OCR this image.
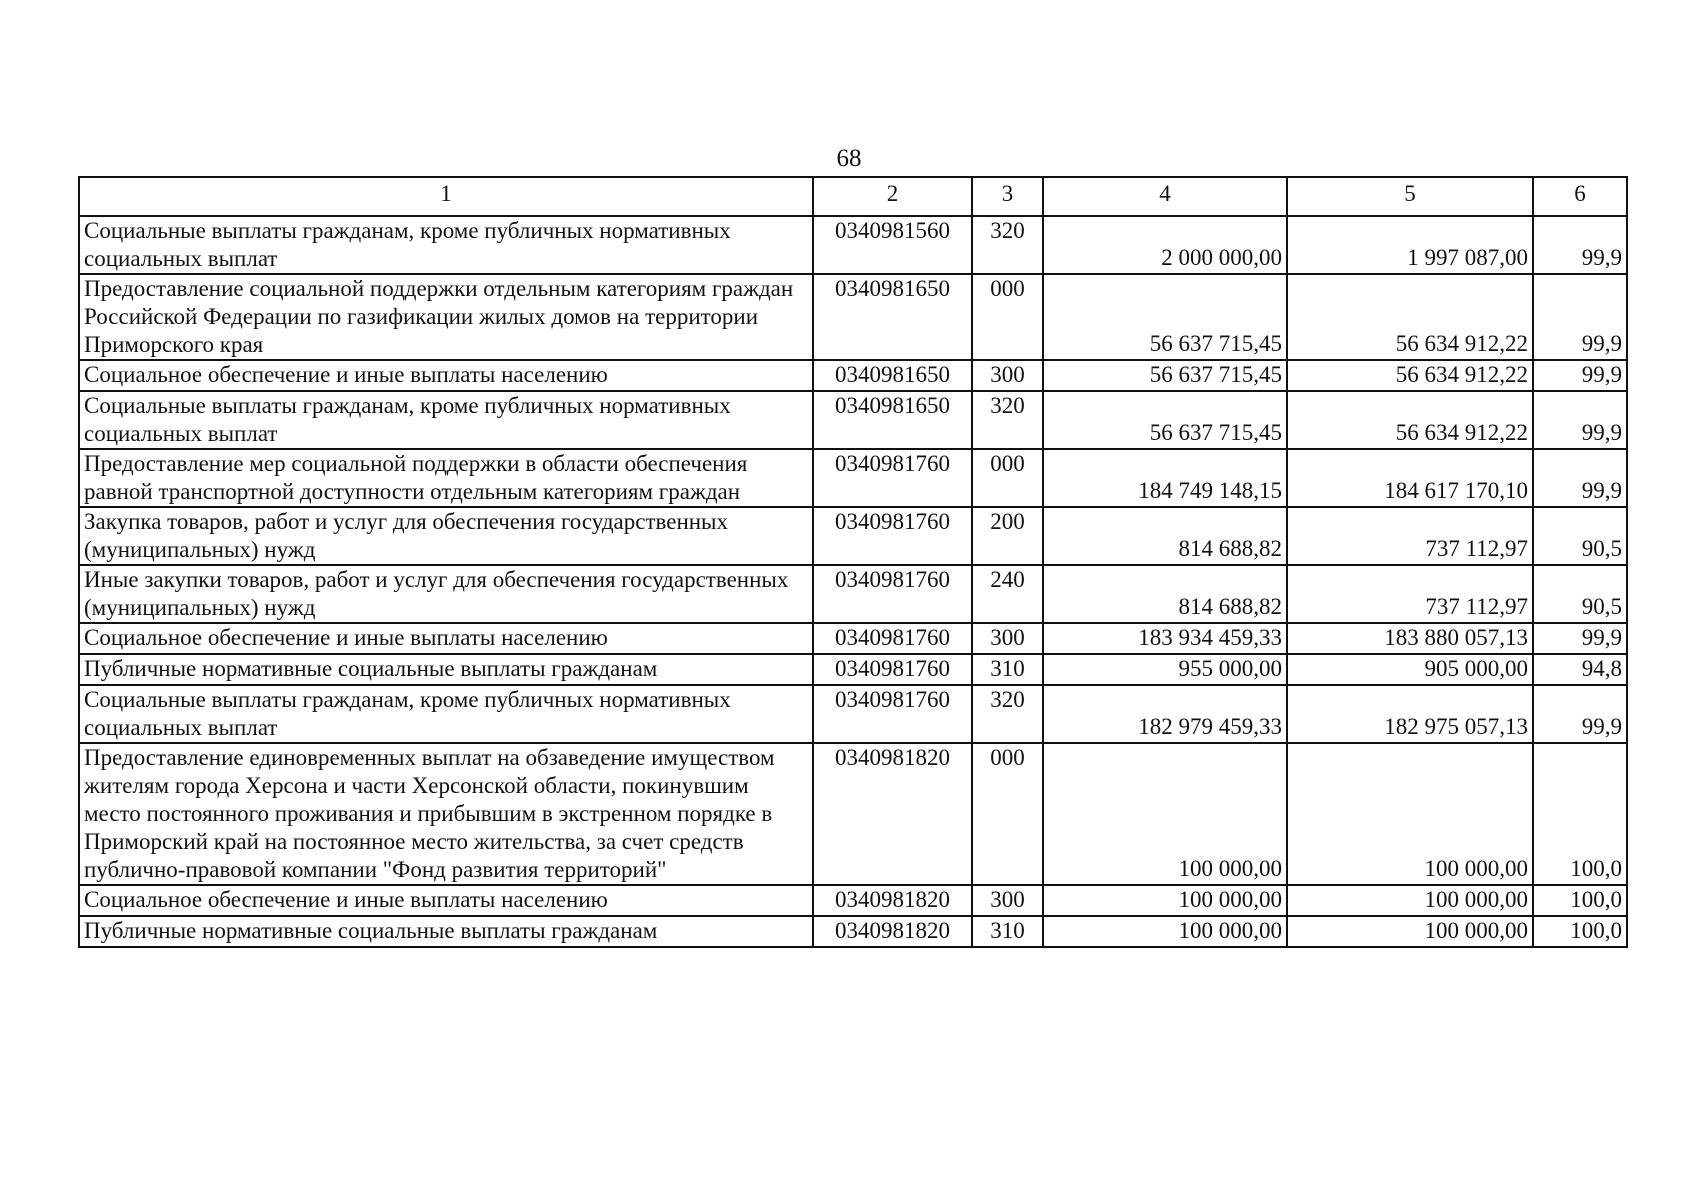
68
1	2	3	4	5	6
Социальные выплаты гражданам, кроме публичных нормативных социальных выплат	0340981560	320	2 000 000,00	1 997 087,00	99,9
Предоставление социальной поддержки отдельным категориям граждан Российской Федерации по газификации жилых домов на территории Приморского края	0340981650	000	56 637 715,45	56 634 912,22	99,9
Социальное обеспечение и иные выплаты населению	0340981650	300	56 637 715,45	56 634 912,22	99,9
Социальные выплаты гражданам, кроме публичных нормативных социальных выплат	0340981650	320	56 637 715,45	56 634 912,22	99,9
Предоставление мер социальной поддержки в области обеспечения равной транспортной доступности отдельным категориям граждан	0340981760	000	184 749 148,15	184 617 170,10	99,9
Закупка товаров, работ и услуг для обеспечения государственных (муниципальных) нужд	0340981760	200	814 688,82	737 112,97	90,5
Иные закупки товаров, работ и услуг для обеспечения государственных (муниципальных) нужд	0340981760	240	814 688,82	737 112,97	90,5
Социальное обеспечение и иные выплаты населению	0340981760	300	183 934 459,33	183 880 057,13	99,9
Публичные нормативные социальные выплаты гражданам	0340981760	310	955 000,00	905 000,00	94,8
Социальные выплаты гражданам, кроме публичных нормативных социальных выплат	0340981760	320	182 979 459,33	182 975 057,13	99,9
Предоставление единовременных выплат на обзаведение имуществом жителям города Херсона и части Херсонской области, покинувшим место постоянного проживания и прибывшим в экстренном порядке в Приморский край на постоянное место жительства, за счет средств публично-правовой компании "Фонд развития территорий"	0340981820	000	100 000,00	100 000,00	100,0
Социальное обеспечение и иные выплаты населению	0340981820	300	100 000,00	100 000,00	100,0
Публичные нормативные социальные выплаты гражданам	0340981820	310	100 000,00	100 000,00	100,0
